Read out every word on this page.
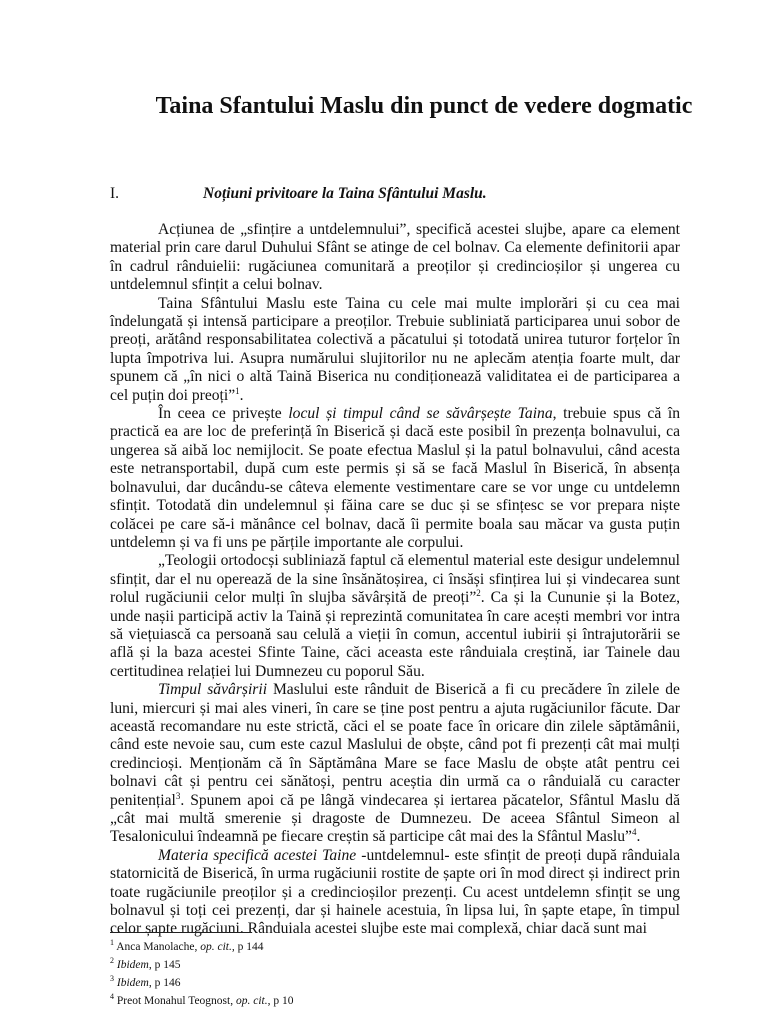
Taina Sfantului Maslu din punct de vedere dogmatic
I.	Noțiuni privitoare la Taina Sfântului Maslu.

Acțiunea de „sfințire a untdelemnului”, specifică acestei slujbe, apare ca element material prin care darul Duhului Sfânt se atinge de cel bolnav. Ca elemente definitorii apar în cadrul rânduielii: rugăciunea comunitară a preoților și credincioșilor și ungerea cu untdelemnul sfințit a celui bolnav.

Taina Sfântului Maslu este Taina cu cele mai multe implorări și cu cea mai îndelungată și intensă participare a preoților. Trebuie subliniată participarea unui sobor de preoți, arătând responsabilitatea colectivă a păcatului și totodată unirea tuturor forțelor în lupta împotriva lui. Asupra numărului slujitorilor nu ne aplecăm atenția foarte mult, dar spunem că „în nici o altă Taină Biserica nu condiționează validitatea ei de participarea a cel puțin doi preoți”$^1$.

În ceea ce privește locul și timpul când se săvârșește Taina, trebuie spus că în practică ea are loc de preferință în Biserică și dacă este posibil în prezența bolnavului, ca ungerea să aibă loc nemijlocit. Se poate efectua Maslul și la patul bolnavului, când acesta este netransportabil, după cum este permis și să se facă Maslul în Biserică, în absența bolnavului, dar ducându-se câteva elemente vestimentare care se vor unge cu untdelemn sfințit. Totodată din undelemnul și făina care se duc și se sfințesc se vor prepara niște colăcei pe care să-i mănânce cel bolnav, dacă îi permite boala sau măcar va gusta puțin untdelemn și va fi uns pe părțile importante ale corpului.

„Teologii ortodocși subliniază faptul că elementul material este desigur undelemnul sfințit, dar el nu operează de la sine însănătoșirea, ci însăși sfințirea lui și vindecarea sunt rolul rugăciunii celor mulți în slujba săvârșită de preoți”$^2$. Ca și la Cununie și la Botez, unde nașii participă activ la Taină și reprezintă comunitatea în care acești membri vor intra să viețuiască ca persoană sau celulă a vieții în comun, accentul iubirii și întrajutorării se află și la baza acestei Sfinte Taine, căci aceasta este rânduiala creștină, iar Tainele dau certitudinea relației lui Dumnezeu cu poporul Său.

Timpul săvârșirii Maslului este rânduit de Biserică a fi cu precădere în zilele de luni, miercuri și mai ales vineri, în care se ține post pentru a ajuta rugăciunilor făcute. Dar această recomandare nu este strictă, căci el se poate face în oricare din zilele săptămânii, când este nevoie sau, cum este cazul Maslului de obște, când pot fi prezenți cât mai mulți credincioși. Menționăm că în Săptămâna Mare se face Maslu de obște atât pentru cei bolnavi cât și pentru cei sănătoși, pentru aceștia din urmă ca o rânduială cu caracter penitențial$^3$. Spunem apoi că pe lângă vindecarea și iertarea păcatelor, Sfântul Maslu dă „cât mai multă smerenie și dragoste de Dumnezeu. De aceea Sfântul Simeon al Tesalonicului îndeamnă pe fiecare creștin să participe cât mai des la Sfântul Maslu”$^4$.

Materia specifică acestei Taine -untdelemnul- este sfințit de preoți după rânduiala statornicită de Biserică, în urma rugăciunii rostite de șapte ori în mod direct și indirect prin toate rugăciunile preoților și a credincioșilor prezenți. Cu acest untdelemn sfințit se ung bolnavul și toți cei prezenți, dar și hainele acestuia, în lipsa lui, în șapte etape, în timpul celor șapte rugăciuni. Rânduiala acestei slujbe este mai complexă, chiar dacă sunt mai

$^1$ Anca Manolache, op. cit., p 144
$^2$ Ibidem, p 145
$^3$ Ibidem, p 146
$^4$ Preot Monahul Teognost, op. cit., p 10
